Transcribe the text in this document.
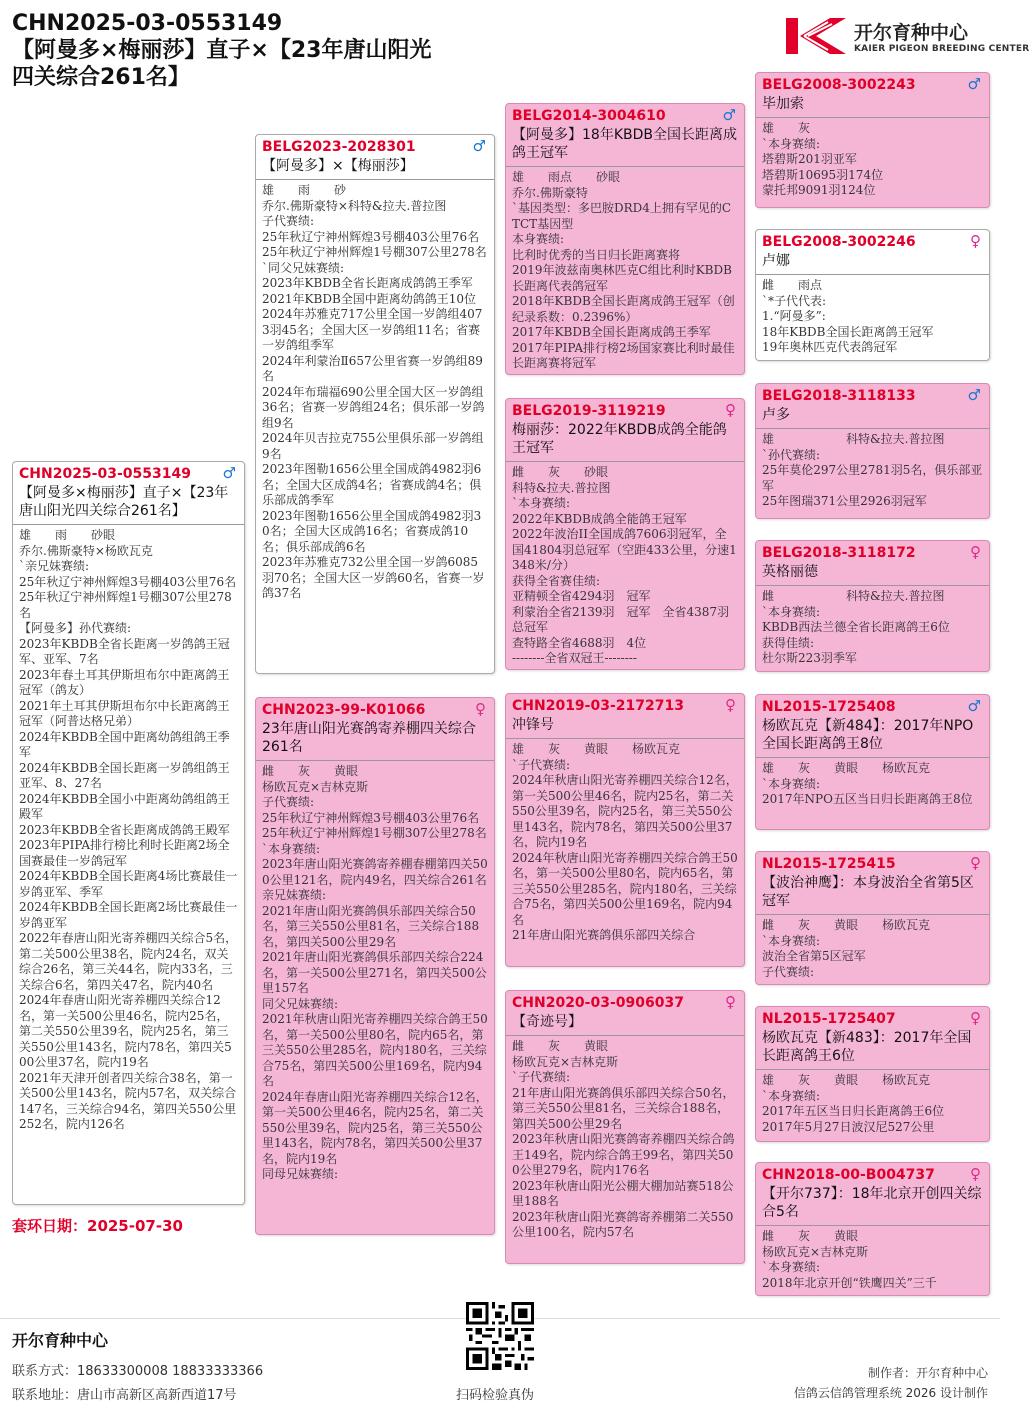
CHN2025-03-0553149
【阿曼多×梅丽莎】直子×【23年唐山阳光
四关综合261名】
开尔育种中心
KAIER PIGEON BREEDING CENTER
CHN2025-03-0553149	♂
【阿曼多×梅丽莎】直子×【23年唐山阳光四关综合261名】
雄　　雨　　砂眼
乔尔.佛斯豪特×杨欧瓦克
`亲兄妹赛绩:
25年秋辽宁神州辉煌3号棚403公里76名
25年秋辽宁神州辉煌1号棚307公里278名
【阿曼多】孙代赛绩:
2023年KBDB全省长距离一岁鸽鸽王冠军、亚军、7名
2023年春土耳其伊斯坦布尔中距离鸽王冠军（鸽友）
2021年土耳其伊斯坦布尔中长距离鸽王冠军（阿普达格兄弟）
2024年KBDB全国中距离幼鸽组鸽王季军
2024年KBDB全国长距离一岁鸽组鸽王亚军、8、27名
2024年KBDB全国小中距离幼鸽组鸽王殿军
2023年KBDB全省长距离成鸽鸽王殿军
2023年PIPA排行榜比利时长距离2场全国赛最佳一岁鸽冠军
2024年KBDB全国长距离4场比赛最佳一岁鸽亚军、季军
2024年KBDB全国长距离2场比赛最佳一岁鸽亚军
2022年春唐山阳光寄养棚四关综合5名，第二关500公里38名，院内24名，双关综合26名，第三关44名，院内33名，三关综合6名，第四关47名，院内40名
2024年春唐山阳光寄养棚四关综合12名，第一关500公里46名，院内25名，第二关550公里39名，院内25名，第三关550公里143名，院内78名，第四关500公里37名，院内19名
2021年天津开创者四关综合38名，第一关500公里143名，院内57名，双关综合147名，三关综合94名，第四关550公里252名，院内126名
BELG2023-2028301	♂
【阿曼多】×【梅丽莎】
雄　　雨　　砂
乔尔.佛斯豪特×科特&拉夫.普拉图
子代赛绩:
25年秋辽宁神州辉煌3号棚403公里76名
25年秋辽宁神州辉煌1号棚307公里278名
`同父兄妹赛绩:
2023年KBDB全省长距离成鸽鸽王季军
2021年KBDB全国中距离幼鸽鸽王10位
2024年苏雅克717公里全国一岁鸽组4073羽45名；全国大区一岁鸽组11名；省赛一岁鸽组季军
2024年利蒙治Ⅱ657公里省赛一岁鸽组89名
2024年布瑞福690公里全国大区一岁鸽组36名；省赛一岁鸽组24名；俱乐部一岁鸽组9名
2024年贝吉拉克755公里俱乐部一岁鸽组9名
2023年图勒1656公里全国成鸽4982羽6名；全国大区成鸽4名；省赛成鸽4名；俱乐部成鸽季军
2023年图勒1656公里全国成鸽4982羽30名；全国大区成鸽16名；省赛成鸽10名；俱乐部成鸽6名
2023年苏雅克732公里全国一岁鸽6085羽70名；全国大区一岁鸽60名，省赛一岁鸽37名
CHN2023-99-K01066	♀
23年唐山阳光赛鸽寄养棚四关综合261名
雌　　灰　　黄眼
杨欧瓦克×吉林克斯
子代赛绩:
25年秋辽宁神州辉煌3号棚403公里76名
25年秋辽宁神州辉煌1号棚307公里278名
`本身赛绩:
2023年唐山阳光赛鸽寄养棚春棚第四关500公里121名，院内49名，四关综合261名
亲兄妹赛绩:
2021年唐山阳光赛鸽俱乐部四关综合50名，第三关550公里81名，三关综合188名，第四关500公里29名
2021年唐山阳光赛鸽俱乐部四关综合224名，第一关500公里271名，第四关500公里157名
同父兄妹赛绩:
2021年秋唐山阳光寄养棚四关综合鸽王50名，第一关500公里80名，院内65名，第三关550公里285名，院内180名，三关综合75名，第四关500公里169名，院内94名
2024年春唐山阳光寄养棚四关综合12名，第一关500公里46名，院内25名，第二关550公里39名，院内25名，第三关550公里143名，院内78名，第四关500公里37名，院内19名
同母兄妹赛绩:
BELG2014-3004610	♂
【阿曼多】18年KBDB全国长距离成鸽王冠军
雄　　雨点　　砂眼
乔尔.佛斯豪特
`基因类型：多巴胺DRD4上拥有罕见的CTCT基因型
本身赛绩:
比利时优秀的当日归长距离赛将
2019年波兹南奥林匹克C组比利时KBDB长距离代表鸽冠军
2018年KBDB全国长距离成鸽王冠军（创纪录系数：0.2396%）
2017年KBDB全国长距离成鸽王季军
2017年PIPA排行榜2场国家赛比利时最佳长距离赛将冠军
BELG2019-3119219	♀
梅丽莎：2022年KBDB成鸽全能鸽王冠军
雌　　灰　　砂眼
科特&拉夫.普拉图
`本身赛绩:
2022年KBDB成鸽全能鸽王冠军
2022年波治II全国成鸽7606羽冠军，全国41804羽总冠军（空距433公里，分速1348米/分）
获得全省赛佳绩:
亚精顿全省4294羽　冠军
利蒙治全省2139羽　冠军　全省4387羽总冠军
查特路全省4688羽　4位
--------全省双冠王--------
CHN2019-03-2172713	♀
冲锋号
雄　　灰　　黄眼　　杨欧瓦克
`子代赛绩:
2024年秋唐山阳光寄养棚四关综合12名，第一关500公里46名，院内25名，第二关550公里39名，院内25名，第三关550公里143名，院内78名，第四关500公里37名，院内19名
2024年秋唐山阳光寄养棚四关综合鸽王50名，第一关500公里80名，院内65名，第三关550公里285名，院内180名，三关综合75名，第四关500公里169名，院内94名
21年唐山阳光赛鸽俱乐部四关综合
CHN2020-03-0906037	♀
【奇迹号】
雌　　灰　　黄眼
杨欧瓦克×吉林克斯
`子代赛绩:
21年唐山阳光赛鸽俱乐部四关综合50名，第三关550公里81名，三关综合188名，第四关500公里29名
2023年秋唐山阳光赛鸽寄养棚四关综合鸽王149名，院内综合鸽王99名，第四关500公里279名，院内176名
2023年秋唐山阳光公棚大棚加站赛518公里188名
2023年秋唐山阳光赛鸽寄养棚第二关550公里100名，院内57名
BELG2008-3002243	♂
毕加索
雄　　灰
`本身赛绩:
塔碧斯201羽亚军
塔碧斯10695羽174位
蒙托邦9091羽124位
BELG2008-3002246	♀
卢娜
雌　　雨点
`*子代代表:
1.“阿曼多”:
18年KBDB全国长距离鸽王冠军
19年奥林匹克代表鸽冠军
BELG2018-3118133	♂
卢多
雄　　　　　　科特&拉夫.普拉图
`孙代赛绩:
25年莫伦297公里2781羽5名，俱乐部亚军
25年图瑞371公里2926羽冠军
BELG2018-3118172	♀
英格丽德
雌　　　　　　科特&拉夫.普拉图
`本身赛绩:
KBDB西法兰德全省长距离鸽王6位
获得佳绩:
杜尔斯223羽季军
NL2015-1725408	♂
杨欧瓦克【新484】：2017年NPO全国长距离鸽王8位
雄　　灰　　黄眼　　杨欧瓦克
`本身赛绩:
2017年NPO五区当日归长距离鸽王8位
NL2015-1725415	♀
【波治神鹰】：本身波治全省第5区冠军
雌　　灰　　黄眼　　杨欧瓦克
`本身赛绩:
波治全省第5区冠军
子代赛绩:
NL2015-1725407	♀
杨欧瓦克【新483】：2017年全国长距离鸽王6位
雄　　灰　　黄眼　　杨欧瓦克
`本身赛绩:
2017年五区当日归长距离鸽王6位
2017年5月27日波汉尼527公里
CHN2018-00-B004737	♀
【开尔737】：18年北京开创四关综合5名
雌　　灰　　黄眼
杨欧瓦克×吉林克斯
`本身赛绩:
2018年北京开创“铁鹰四关”三千
套环日期：2025-07-30
开尔育种中心
联系方式：18633300008 18833333366
联系地址：唐山市高新区高新西道17号	扫码检验真伪
制作者：开尔育种中心
信鸽云信鸽管理系统 2026 设计制作
